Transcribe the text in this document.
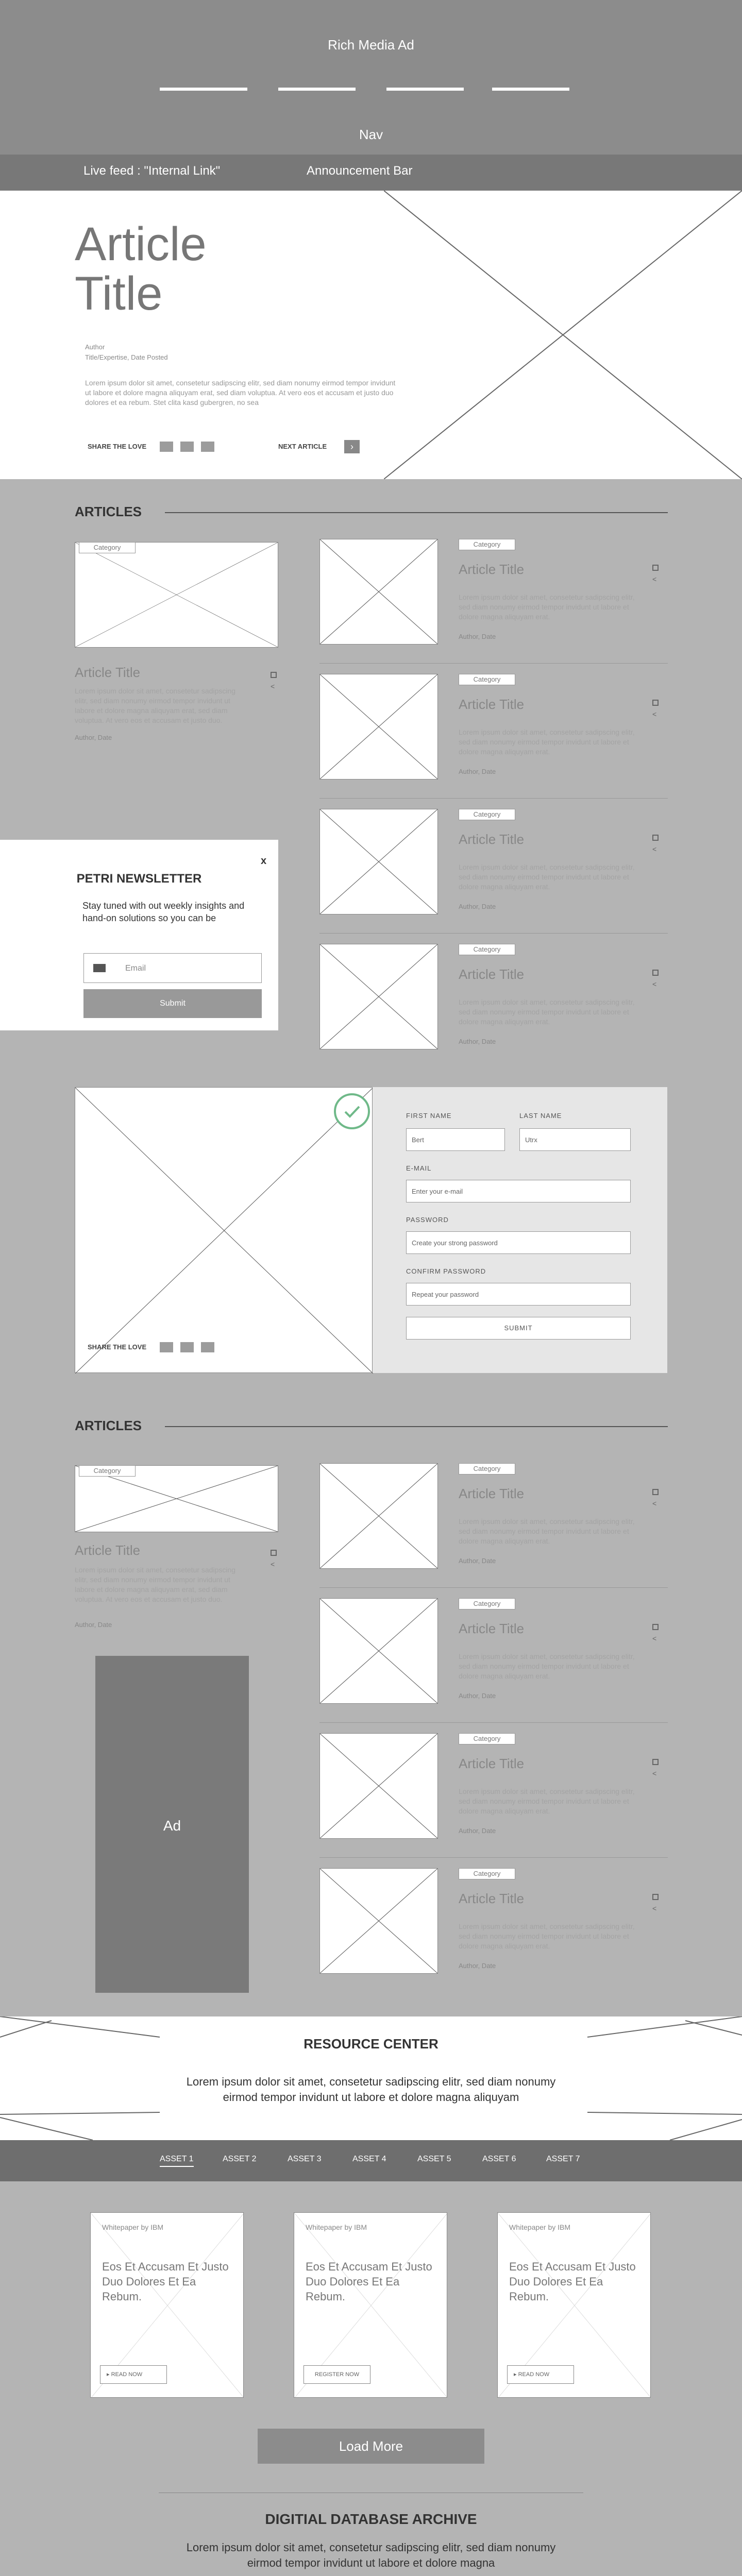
Rich Media Ad
Nav
Live feed : "Internal Link"	Announcement Bar
Article
Title
Author
Title/Expertise, Date Posted
Lorem ipsum dolor sit amet, consetetur sadipscing elitr, sed diam nonumy eirmod tempor invidunt ut labore et dolore magna aliquyam erat, sed diam voluptua. At vero eos et accusam et justo duo dolores et ea rebum. Stet clita kasd gubergren, no sea
SHARE THE LOVE	NEXT ARTICLE	›
ARTICLES
Category
Article Title
<
Lorem ipsum dolor sit amet, consetetur sadipscing elitr, sed diam nonumy eirmod tempor invidunt ut labore et dolore magna aliquyam erat, sed diam voluptua. At vero eos et accusam et justo duo.
Author, Date
Category
Article Title
<
Lorem ipsum dolor sit amet, consetetur sadipscing elitr, sed diam nonumy eirmod tempor invidunt ut labore et dolore magna aliquyam erat.
Author, Date
Category
Article Title
<
Lorem ipsum dolor sit amet, consetetur sadipscing elitr, sed diam nonumy eirmod tempor invidunt ut labore et dolore magna aliquyam erat.
Author, Date
Category
Article Title
<
Lorem ipsum dolor sit amet, consetetur sadipscing elitr, sed diam nonumy eirmod tempor invidunt ut labore et dolore magna aliquyam erat.
Author, Date
Category
Article Title
<
Lorem ipsum dolor sit amet, consetetur sadipscing elitr, sed diam nonumy eirmod tempor invidunt ut labore et dolore magna aliquyam erat.
Author, Date
x
PETRI NEWSLETTER
Stay tuned with out weekly insights and hand-on solutions so you can be
Email
Submit
SHARE THE LOVE
FIRST NAME
Bert
LAST NAME
Utrx
E-MAIL
Enter your e-mail
PASSWORD
Create your strong password
CONFIRM PASSWORD
Repeat your password
SUBMIT
ARTICLES
Category
Article Title
<
Lorem ipsum dolor sit amet, consetetur sadipscing elitr, sed diam nonumy eirmod tempor invidunt ut labore et dolore magna aliquyam erat, sed diam voluptua. At vero eos et accusam et justo duo.
Author, Date
Ad
Category
Article Title
<
Lorem ipsum dolor sit amet, consetetur sadipscing elitr, sed diam nonumy eirmod tempor invidunt ut labore et dolore magna aliquyam erat.
Author, Date
Category
Article Title
<
Lorem ipsum dolor sit amet, consetetur sadipscing elitr, sed diam nonumy eirmod tempor invidunt ut labore et dolore magna aliquyam erat.
Author, Date
Category
Article Title
<
Lorem ipsum dolor sit amet, consetetur sadipscing elitr, sed diam nonumy eirmod tempor invidunt ut labore et dolore magna aliquyam erat.
Author, Date
Category
Article Title
<
Lorem ipsum dolor sit amet, consetetur sadipscing elitr, sed diam nonumy eirmod tempor invidunt ut labore et dolore magna aliquyam erat.
Author, Date
RESOURCE CENTER
Lorem ipsum dolor sit amet, consetetur sadipscing elitr, sed diam nonumy eirmod tempor invidunt ut labore et dolore magna aliquyam
ASSET 1	ASSET 2	ASSET 3	ASSET 4	ASSET 5	ASSET 6	ASSET 7
Whitepaper by IBM
Eos Et Accusam Et Justo Duo Dolores Et Ea Rebum.
▸ READ NOW
Whitepaper by IBM
Eos Et Accusam Et Justo Duo Dolores Et Ea Rebum.
REGISTER NOW
Whitepaper by IBM
Eos Et Accusam Et Justo Duo Dolores Et Ea Rebum.
▸ READ NOW
Load More
DIGITIAL DATABASE ARCHIVE
Lorem ipsum dolor sit amet, consetetur sadipscing elitr, sed diam nonumy eirmod tempor invidunt ut labore et dolore magna
